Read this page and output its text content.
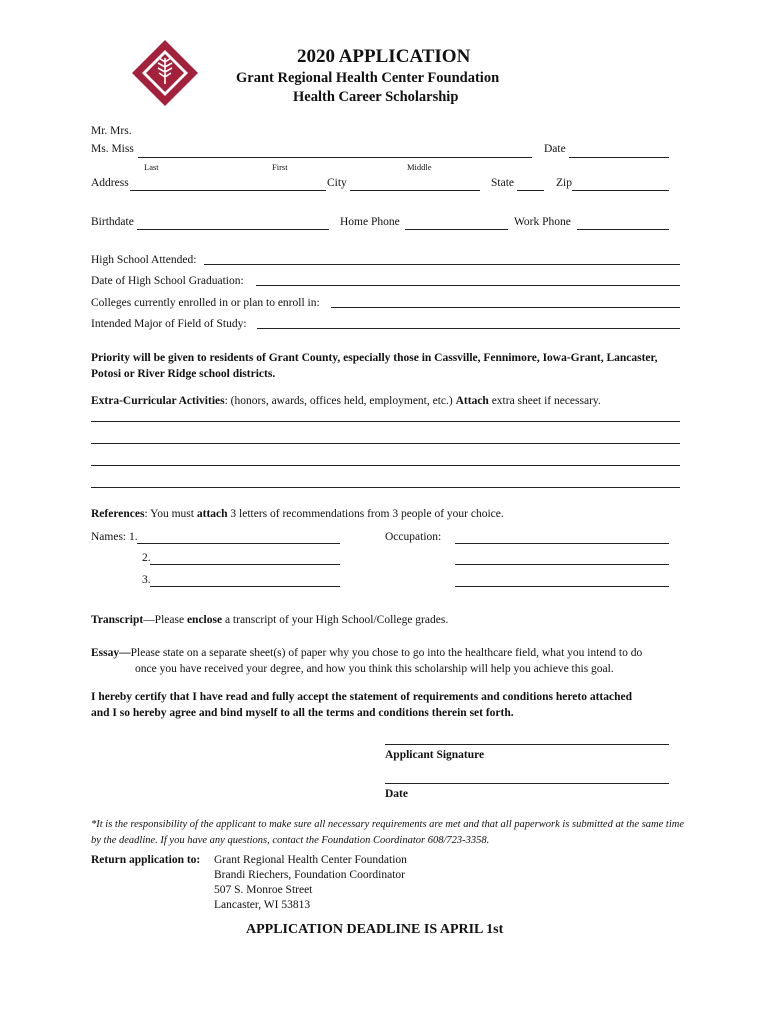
2020 APPLICATION
Grant Regional Health Center Foundation
Health Career Scholarship
Mr. Mrs.
Ms. Miss	Date
Last	First	Middle
Address	City	State	Zip
Birthdate	Home Phone	Work Phone
High School Attended:
Date of High School Graduation:
Colleges currently enrolled in or plan to enroll in:
Intended Major of Field of Study:
Priority will be given to residents of Grant County, especially those in Cassville, Fennimore, Iowa-Grant, Lancaster,
Potosi or River Ridge school districts.
Extra-Curricular Activities: (honors, awards, offices held, employment, etc.) Attach extra sheet if necessary.
References: You must attach 3 letters of recommendations from 3 people of your choice.
Names: 1.	Occupation:
2.
3.
Transcript—Please enclose a transcript of your High School/College grades.
Essay—Please state on a separate sheet(s) of paper why you chose to go into the healthcare field, what you intend to do
once you have received your degree, and how you think this scholarship will help you achieve this goal.
I hereby certify that I have read and fully accept the statement of requirements and conditions hereto attached
and I so hereby agree and bind myself to all the terms and conditions therein set forth.
Applicant Signature
Date
*It is the responsibility of the applicant to make sure all necessary requirements are met and that all paperwork is submitted at the same time
by the deadline. If you have any questions, contact the Foundation Coordinator 608/723-3358.
Return application to: Grant Regional Health Center Foundation
Brandi Riechers, Foundation Coordinator
507 S. Monroe Street
Lancaster, WI 53813
APPLICATION DEADLINE IS APRIL 1st
